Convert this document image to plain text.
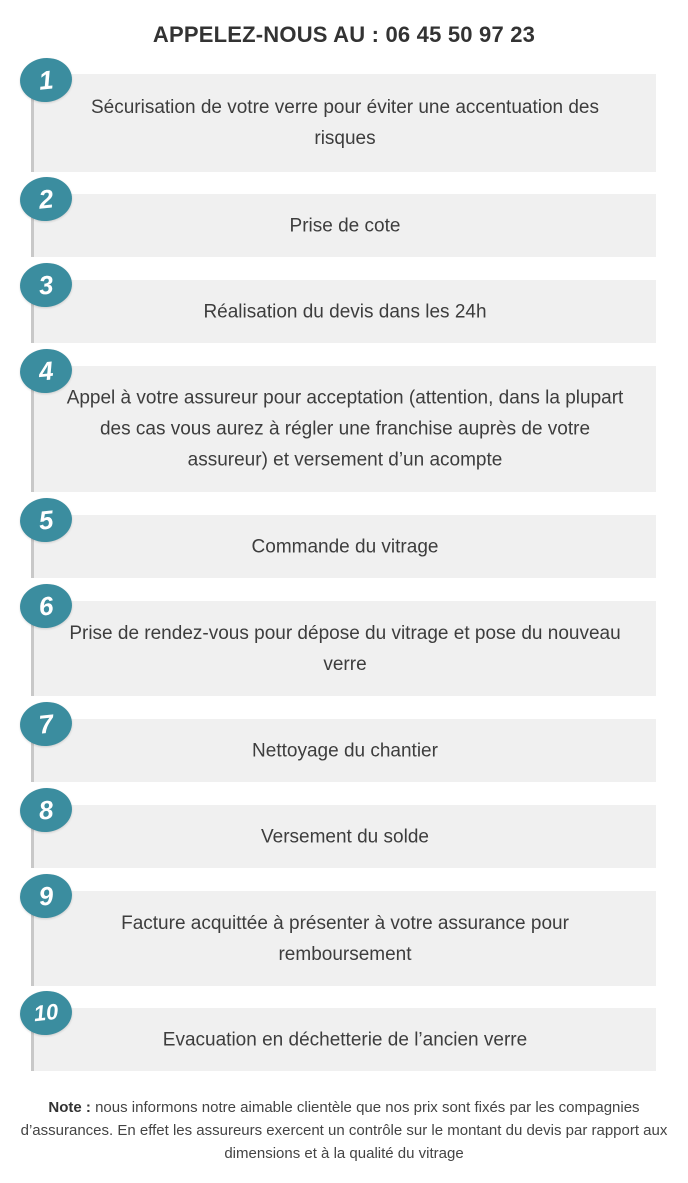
APPELEZ-NOUS AU : 06 45 50 97 23
Sécurisation de votre verre pour éviter une accentuation des risques
1
Prise de cote
2
Réalisation du devis dans les 24h
3
Appel à votre assureur pour acceptation (attention, dans la plupart des cas vous aurez à régler une franchise auprès de votre assureur) et versement d’un acompte
4
Commande du vitrage
5
Prise de rendez-vous pour dépose du vitrage et pose du nouveau verre
6
Nettoyage du chantier
7
Versement du solde
8
Facture acquittée à présenter à votre assurance pour remboursement
9
Evacuation en déchetterie de l’ancien verre
10
Note : nous informons notre aimable clientèle que nos prix sont fixés par les compagnies d’assurances. En effet les assureurs exercent un contrôle sur le montant du devis par rapport aux dimensions et à la qualité du vitrage
